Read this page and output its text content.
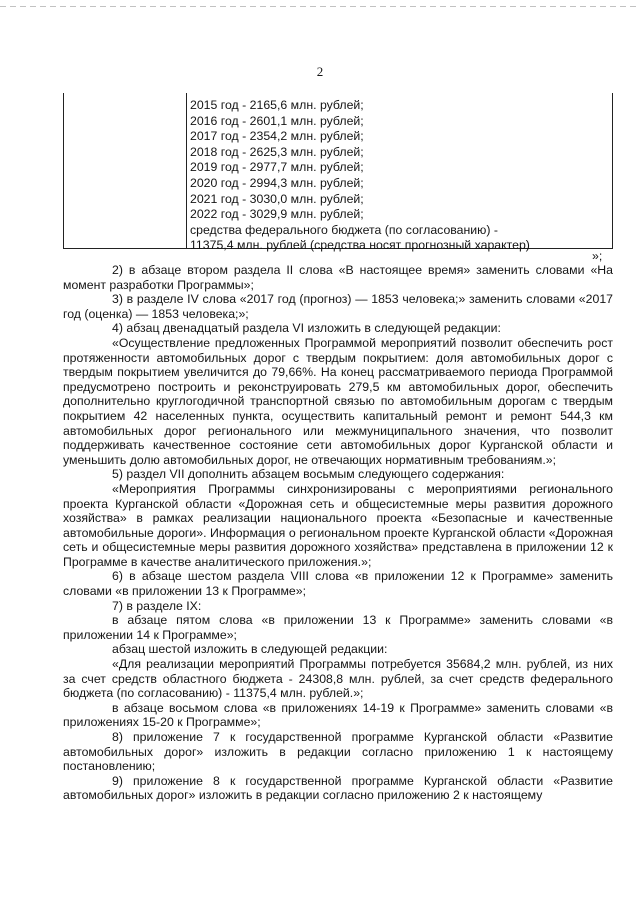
2
2015 год - 2165,6 млн. рублей;
2016 год - 2601,1 млн. рублей;
2017 год - 2354,2 млн. рублей;
2018 год - 2625,3 млн. рублей;
2019 год - 2977,7 млн. рублей;
2020 год - 2994,3 млн. рублей;
2021 год - 3030,0 млн. рублей;
2022 год - 3029,9 млн. рублей;
средства федерального бюджета (по согласованию) -
11375,4 млн. рублей (средства носят прогнозный характер)
»;

2) в абзаце втором раздела II слова «В настоящее время» заменить словами «На момент разработки Программы»;

3) в разделе IV слова «2017 год (прогноз) — 1853 человека;» заменить словами «2017 год (оценка) — 1853 человека;»;

4) абзац двенадцатый раздела VI изложить в следующей редакции:

«Осуществление предложенных Программой мероприятий позволит обеспечить рост протяженности автомобильных дорог с твердым покрытием: доля автомобильных дорог с твердым покрытием увеличится до 79,66%. На конец рассматриваемого периода Программой предусмотрено построить и реконструировать 279,5 км автомобильных дорог, обеспечить дополнительно круглогодичной транспортной связью по автомобильным дорогам с твердым покрытием 42 населенных пункта, осуществить капитальный ремонт и ремонт 544,3 км автомобильных дорог регионального или межмуниципального значения, что позволит поддерживать качественное состояние сети автомобильных дорог Курганской области и уменьшить долю автомобильных дорог, не отвечающих нормативным требованиям.»;

5) раздел VII дополнить абзацем восьмым следующего содержания:

«Мероприятия Программы синхронизированы с мероприятиями регионального проекта Курганской области «Дорожная сеть и общесистемные меры развития дорожного хозяйства» в рамках реализации национального проекта «Безопасные и качественные автомобильные дороги». Информация о региональном проекте Курганской области «Дорожная сеть и общесистемные меры развития дорожного хозяйства» представлена в приложении 12 к Программе в качестве аналитического приложения.»;

6) в абзаце шестом раздела VIII слова «в приложении 12 к Программе» заменить словами «в приложении 13 к Программе»;

7) в разделе IX:

в абзаце пятом слова «в приложении 13 к Программе» заменить словами «в приложении 14 к Программе»;

абзац шестой изложить в следующей редакции:

«Для реализации мероприятий Программы потребуется 35684,2 млн. рублей, из них за счет средств областного бюджета - 24308,8 млн. рублей, за счет средств федерального бюджета (по согласованию) - 11375,4 млн. рублей.»;

в абзаце восьмом слова «в приложениях 14-19 к Программе» заменить словами «в приложениях 15-20 к Программе»;

8) приложение 7 к государственной программе Курганской области «Развитие автомобильных дорог» изложить в редакции согласно приложению 1 к настоящему постановлению;

9) приложение 8 к государственной программе Курганской области «Развитие автомобильных дорог» изложить в редакции согласно приложению 2 к настоящему
